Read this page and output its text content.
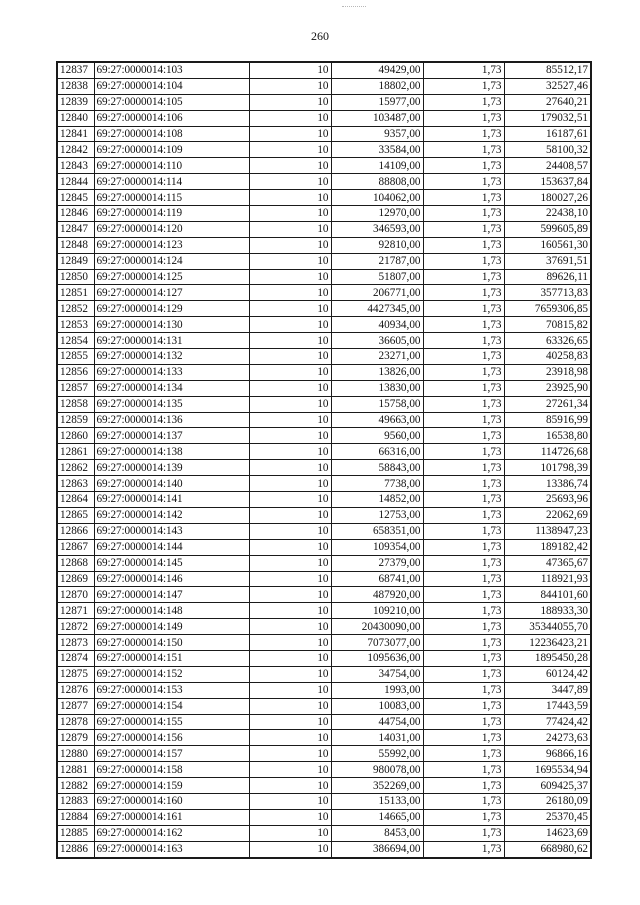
260
12837	69:27:0000014:103	10	49429,00	1,73	85512,17
12838	69:27:0000014:104	10	18802,00	1,73	32527,46
12839	69:27:0000014:105	10	15977,00	1,73	27640,21
12840	69:27:0000014:106	10	103487,00	1,73	179032,51
12841	69:27:0000014:108	10	9357,00	1,73	16187,61
12842	69:27:0000014:109	10	33584,00	1,73	58100,32
12843	69:27:0000014:110	10	14109,00	1,73	24408,57
12844	69:27:0000014:114	10	88808,00	1,73	153637,84
12845	69:27:0000014:115	10	104062,00	1,73	180027,26
12846	69:27:0000014:119	10	12970,00	1,73	22438,10
12847	69:27:0000014:120	10	346593,00	1,73	599605,89
12848	69:27:0000014:123	10	92810,00	1,73	160561,30
12849	69:27:0000014:124	10	21787,00	1,73	37691,51
12850	69:27:0000014:125	10	51807,00	1,73	89626,11
12851	69:27:0000014:127	10	206771,00	1,73	357713,83
12852	69:27:0000014:129	10	4427345,00	1,73	7659306,85
12853	69:27:0000014:130	10	40934,00	1,73	70815,82
12854	69:27:0000014:131	10	36605,00	1,73	63326,65
12855	69:27:0000014:132	10	23271,00	1,73	40258,83
12856	69:27:0000014:133	10	13826,00	1,73	23918,98
12857	69:27:0000014:134	10	13830,00	1,73	23925,90
12858	69:27:0000014:135	10	15758,00	1,73	27261,34
12859	69:27:0000014:136	10	49663,00	1,73	85916,99
12860	69:27:0000014:137	10	9560,00	1,73	16538,80
12861	69:27:0000014:138	10	66316,00	1,73	114726,68
12862	69:27:0000014:139	10	58843,00	1,73	101798,39
12863	69:27:0000014:140	10	7738,00	1,73	13386,74
12864	69:27:0000014:141	10	14852,00	1,73	25693,96
12865	69:27:0000014:142	10	12753,00	1,73	22062,69
12866	69:27:0000014:143	10	658351,00	1,73	1138947,23
12867	69:27:0000014:144	10	109354,00	1,73	189182,42
12868	69:27:0000014:145	10	27379,00	1,73	47365,67
12869	69:27:0000014:146	10	68741,00	1,73	118921,93
12870	69:27:0000014:147	10	487920,00	1,73	844101,60
12871	69:27:0000014:148	10	109210,00	1,73	188933,30
12872	69:27:0000014:149	10	20430090,00	1,73	35344055,70
12873	69:27:0000014:150	10	7073077,00	1,73	12236423,21
12874	69:27:0000014:151	10	1095636,00	1,73	1895450,28
12875	69:27:0000014:152	10	34754,00	1,73	60124,42
12876	69:27:0000014:153	10	1993,00	1,73	3447,89
12877	69:27:0000014:154	10	10083,00	1,73	17443,59
12878	69:27:0000014:155	10	44754,00	1,73	77424,42
12879	69:27:0000014:156	10	14031,00	1,73	24273,63
12880	69:27:0000014:157	10	55992,00	1,73	96866,16
12881	69:27:0000014:158	10	980078,00	1,73	1695534,94
12882	69:27:0000014:159	10	352269,00	1,73	609425,37
12883	69:27:0000014:160	10	15133,00	1,73	26180,09
12884	69:27:0000014:161	10	14665,00	1,73	25370,45
12885	69:27:0000014:162	10	8453,00	1,73	14623,69
12886	69:27:0000014:163	10	386694,00	1,73	668980,62
